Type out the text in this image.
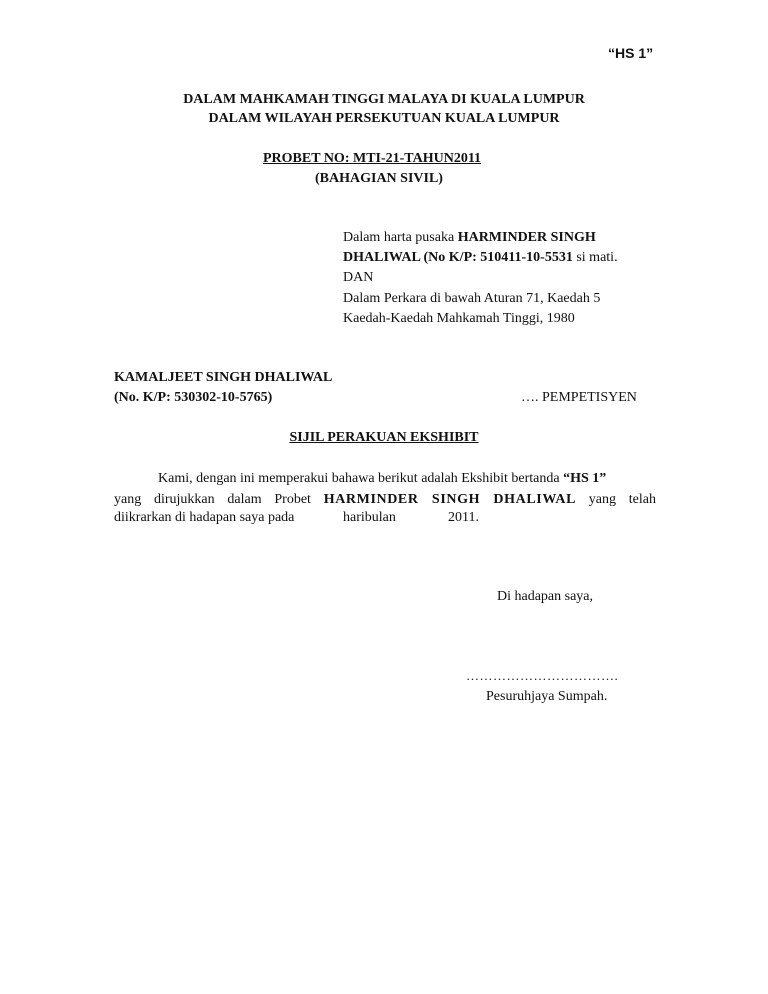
“HS 1”
DALAM MAHKAMAH TINGGI MALAYA DI KUALA LUMPUR
DALAM WILAYAH PERSEKUTUAN KUALA LUMPUR
PROBET NO: MTI-21-TAHUN2011
(BAHAGIAN SIVIL)
Dalam harta pusaka HARMINDER SINGH
DHALIWAL (No K/P: 510411-10-5531 si mati.
DAN
Dalam Perkara di bawah Aturan 71, Kaedah 5
Kaedah-Kaedah Mahkamah Tinggi, 1980
KAMALJEET SINGH DHALIWAL
(No. K/P: 530302-10-5765)	…. PEMPETISYEN
SIJIL PERAKUAN EKSHIBIT
Kami, dengan ini memperakui bahawa berikut adalah Ekshibit bertanda “HS 1”
yang dirujukkan dalam Probet HARMINDER SINGH DHALIWAL yang telah
diikrarkan di hadapan saya pada	haribulan	2011.
Di hadapan saya,
…………………………….
Pesuruhjaya Sumpah.
